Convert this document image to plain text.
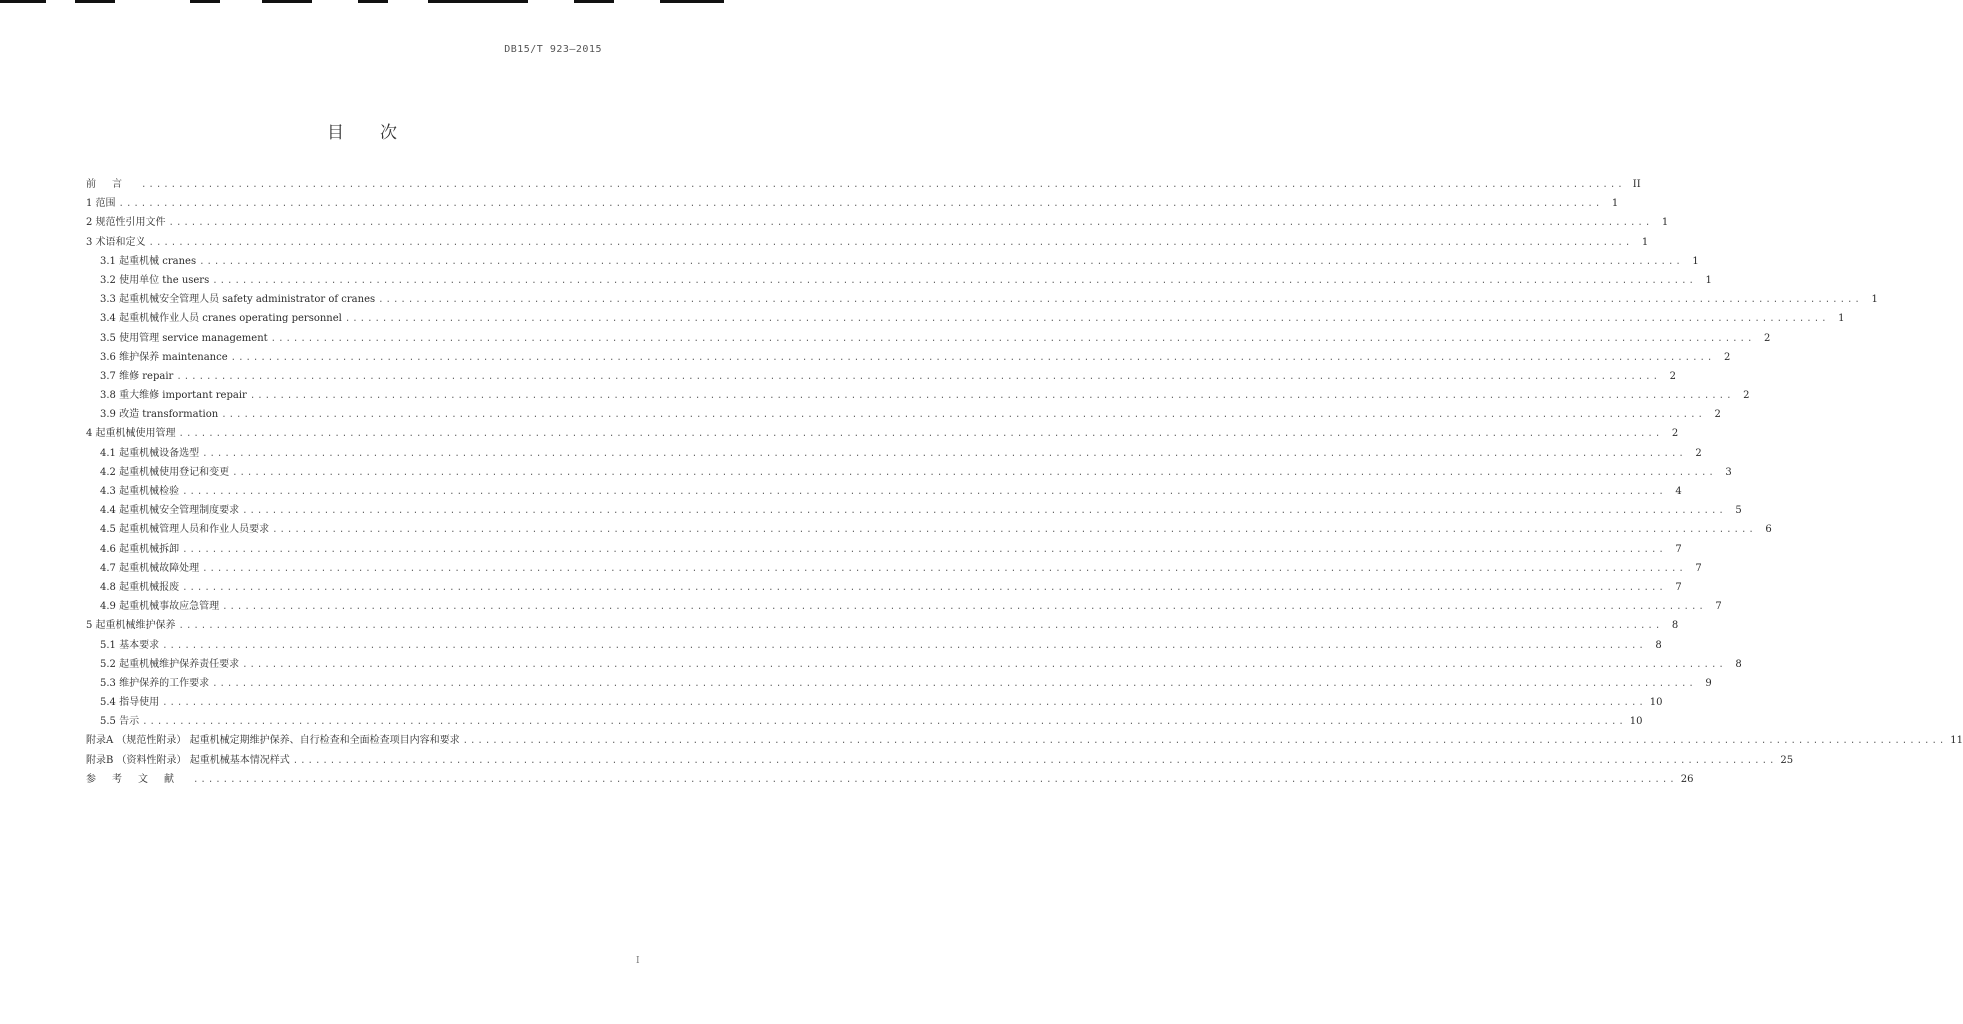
DB15/T 923—2015
目次
前言 ........................................................................................................................................................................................................ II
1 范围 ........................................................................................................................................................................................................ 1
2 规范性引用文件 ........................................................................................................................................................................................................ 1
3 术语和定义 ........................................................................................................................................................................................................ 1
3.1 起重机械 cranes ........................................................................................................................................................................................................ 1
3.2 使用单位 the users ........................................................................................................................................................................................................ 1
3.3 起重机械安全管理人员 safety administrator of cranes ........................................................................................................................................................................................................ 1
3.4 起重机械作业人员 cranes operating personnel ........................................................................................................................................................................................................ 1
3.5 使用管理 service management ........................................................................................................................................................................................................ 2
3.6 维护保养 maintenance ........................................................................................................................................................................................................ 2
3.7 维修 repair ........................................................................................................................................................................................................ 2
3.8 重大维修 important repair ........................................................................................................................................................................................................ 2
3.9 改造 transformation ........................................................................................................................................................................................................ 2
4 起重机械使用管理 ........................................................................................................................................................................................................ 2
4.1 起重机械设备选型 ........................................................................................................................................................................................................ 2
4.2 起重机械使用登记和变更 ........................................................................................................................................................................................................ 3
4.3 起重机械检验 ........................................................................................................................................................................................................ 4
4.4 起重机械安全管理制度要求 ........................................................................................................................................................................................................ 5
4.5 起重机械管理人员和作业人员要求 ........................................................................................................................................................................................................ 6
4.6 起重机械拆卸 ........................................................................................................................................................................................................ 7
4.7 起重机械故障处理 ........................................................................................................................................................................................................ 7
4.8 起重机械报废 ........................................................................................................................................................................................................ 7
4.9 起重机械事故应急管理 ........................................................................................................................................................................................................ 7
5 起重机械维护保养 ........................................................................................................................................................................................................ 8
5.1 基本要求 ........................................................................................................................................................................................................ 8
5.2 起重机械维护保养责任要求 ........................................................................................................................................................................................................ 8
5.3 维护保养的工作要求 ........................................................................................................................................................................................................ 9
5.4 指导使用 ........................................................................................................................................................................................................ 10
5.5 告示 ........................................................................................................................................................................................................ 10
附录A （规范性附录） 起重机械定期维护保养、自行检查和全面检查项目内容和要求 ........................................................................................................................................................................................................ 11
附录B （资料性附录） 起重机械基本情况样式 ........................................................................................................................................................................................................ 25
参考文献 ........................................................................................................................................................................................................ 26
I
